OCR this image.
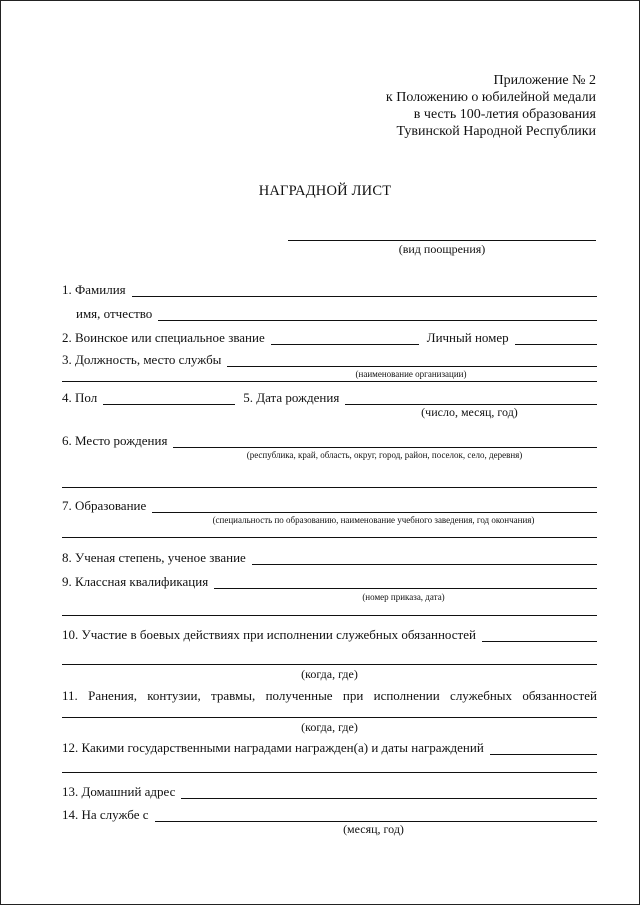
Приложение № 2
к Положению о юбилейной медали
в честь 100-летия образования
Тувинской Народной Республики
НАГРАДНОЙ ЛИСТ
(вид поощрения)
1. Фамилия
имя, отчество
2. Воинское или специальное звание	Личный номер
3. Должность, место службы
(наименование организации)
4. Пол	5. Дата рождения
(число, месяц, год)
6. Место рождения
(республика, край, область, округ, город, район, поселок, село, деревня)
7. Образование
(специальность по образованию, наименование учебного заведения, год окончания)
8. Ученая степень, ученое звание
9. Классная квалификация
(номер приказа, дата)
10. Участие в боевых действиях при исполнении служебных обязанностей
(когда, где)
11. Ранения, контузии, травмы, полученные при исполнении служебных обязанностей
(когда, где)
12. Какими государственными наградами награжден(а) и даты награждений
13. Домашний адрес
14. На службе с
(месяц, год)
